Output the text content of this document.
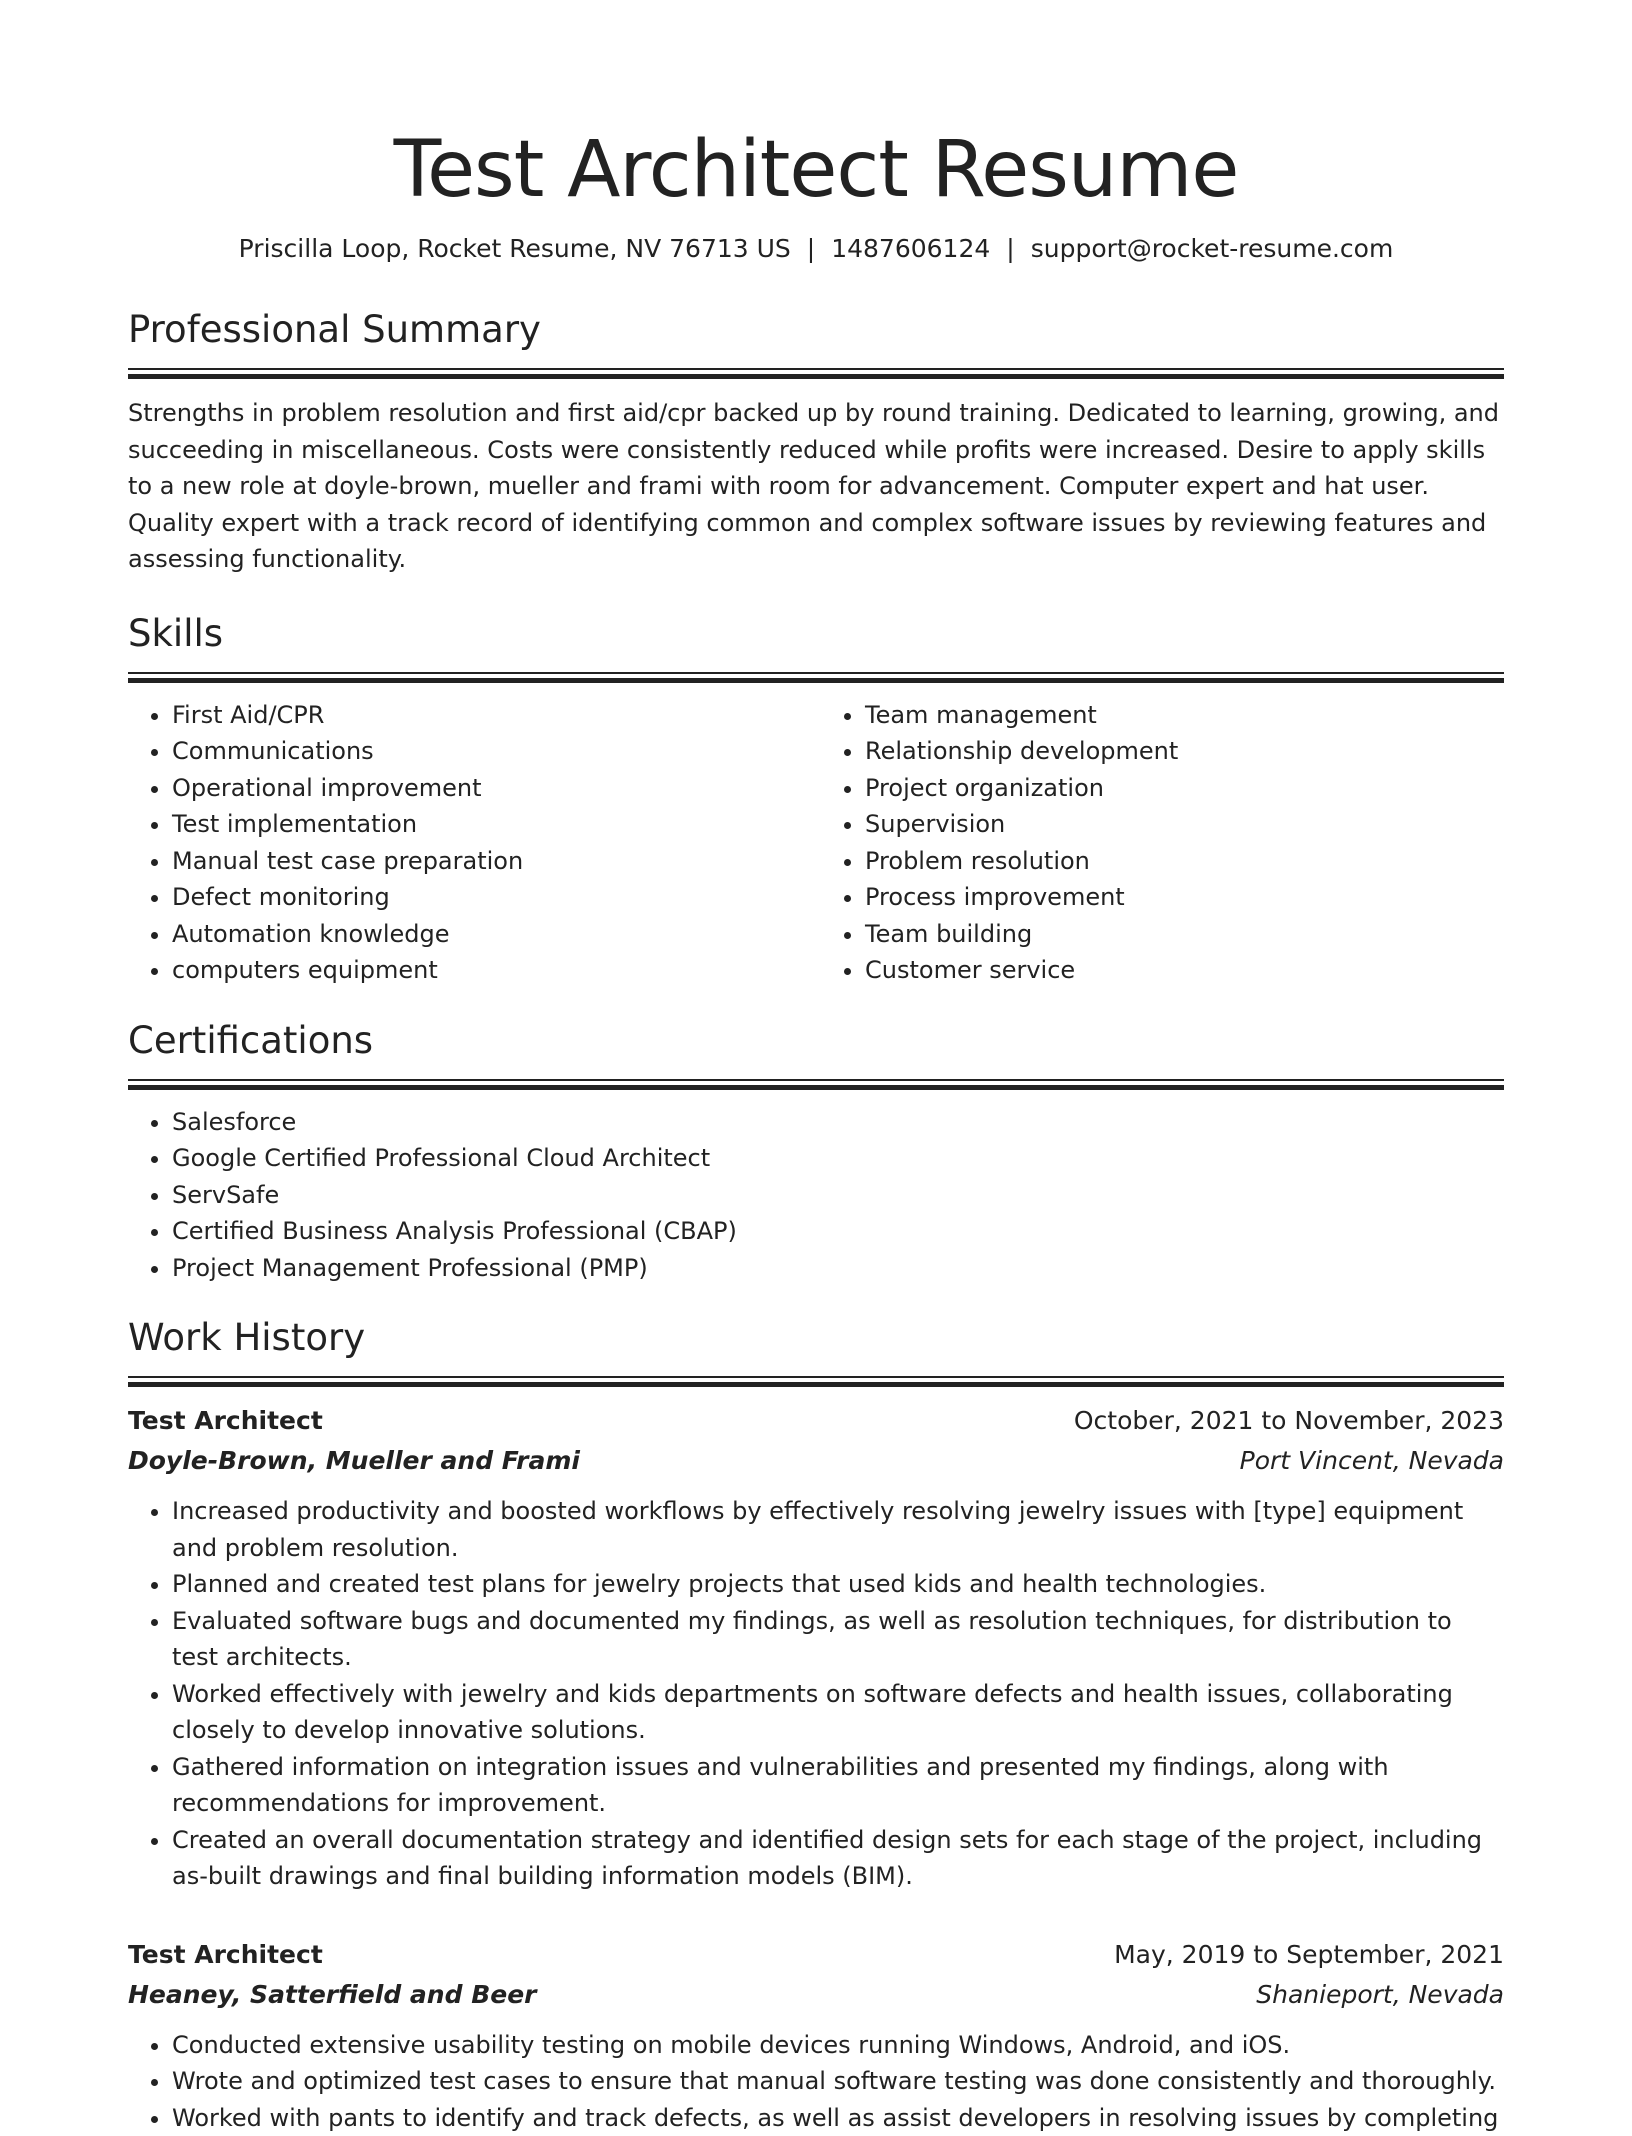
Test Architect Resume
Priscilla Loop, Rocket Resume, NV 76713 US | 1487606124 | support@rocket-resume.com
Professional Summary

Strengths in problem resolution and first aid/cpr backed up by round training. Dedicated to learning, growing, and succeeding in miscellaneous. Costs were consistently reduced while profits were increased. Desire to apply skills to a new role at doyle-brown, mueller and frami with room for advancement. Computer expert and hat user. Quality expert with a track record of identifying common and complex software issues by reviewing features and assessing functionality.

Skills
• First Aid/CPR
• Communications
• Operational improvement
• Test implementation
• Manual test case preparation
• Defect monitoring
• Automation knowledge
• computers equipment
• Team management
• Relationship development
• Project organization
• Supervision
• Problem resolution
• Process improvement
• Team building
• Customer service
Certifications
• Salesforce
• Google Certified Professional Cloud Architect
• ServSafe
• Certified Business Analysis Professional (CBAP)
• Project Management Professional (PMP)
Work History
Test Architect	October, 2021 to November, 2023
Doyle-Brown, Mueller and Frami	Port Vincent, Nevada
• Increased productivity and boosted workflows by effectively resolving jewelry issues with [type] equipment and problem resolution.
• Planned and created test plans for jewelry projects that used kids and health technologies.
• Evaluated software bugs and documented my findings, as well as resolution techniques, for distribution to test architects.
• Worked effectively with jewelry and kids departments on software defects and health issues, collaborating closely to develop innovative solutions.
• Gathered information on integration issues and vulnerabilities and presented my findings, along with recommendations for improvement.
• Created an overall documentation strategy and identified design sets for each stage of the project, including as-built drawings and final building information models (BIM).
Test Architect	May, 2019 to September, 2021
Heaney, Satterfield and Beer	Shanieport, Nevada
• Conducted extensive usability testing on mobile devices running Windows, Android, and iOS.
• Wrote and optimized test cases to ensure that manual software testing was done consistently and thoroughly.
• Worked with pants to identify and track defects, as well as assist developers in resolving issues by completing
